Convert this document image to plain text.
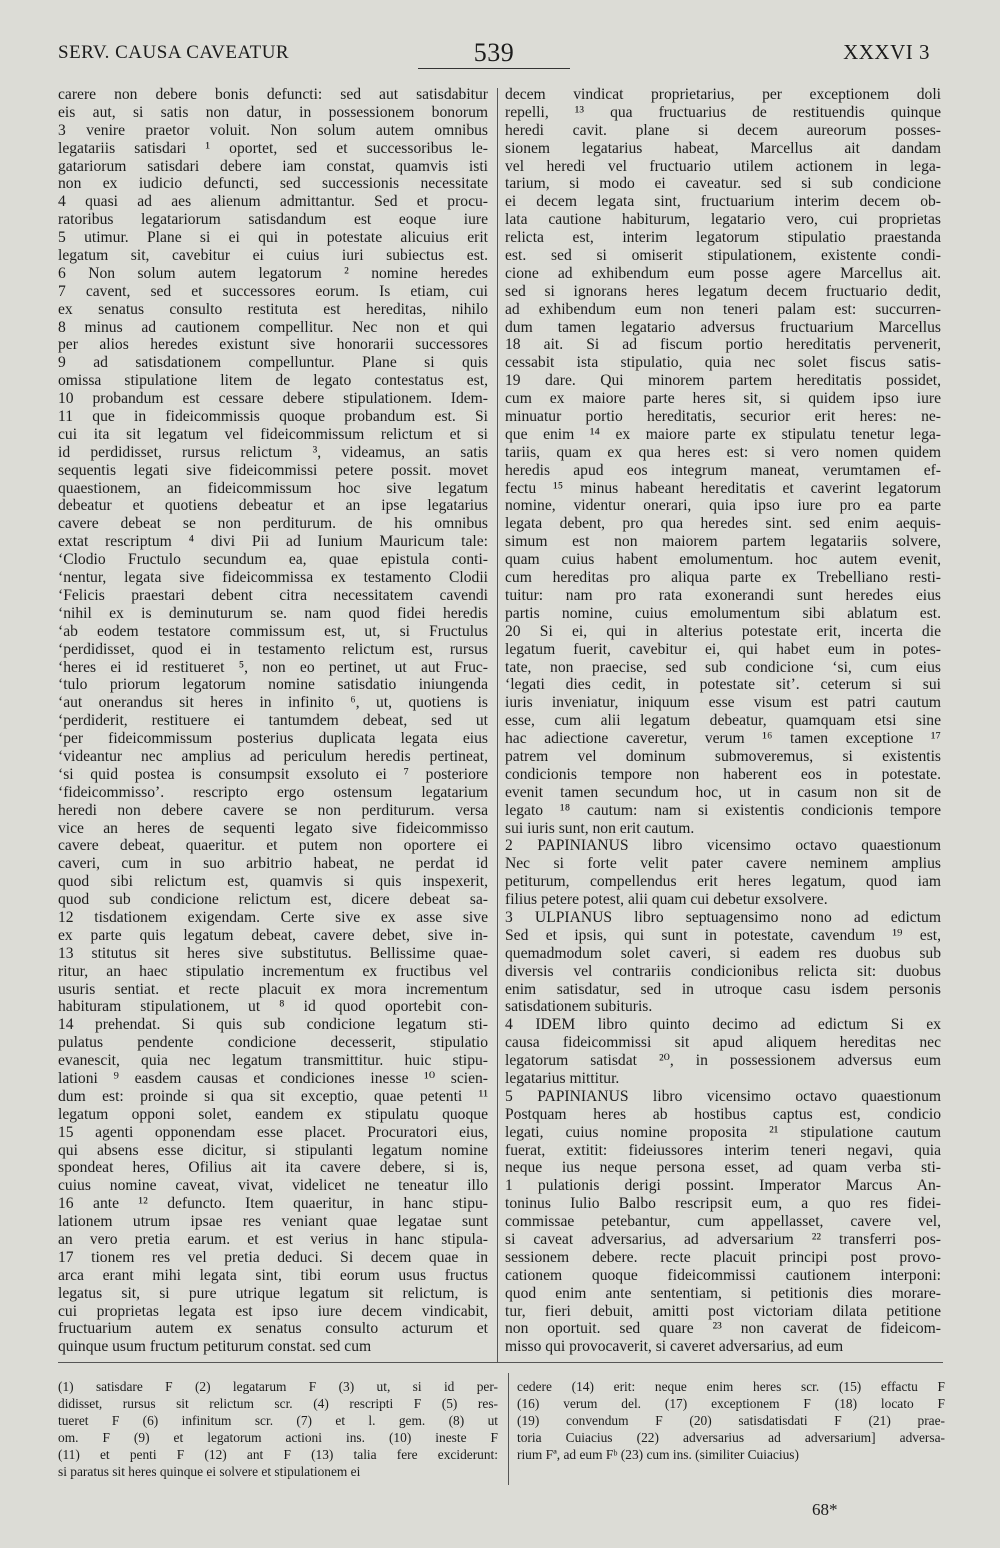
SERV. CAUSA CAVEATUR	539	XXXVI 3
carere non debere bonis defuncti: sed aut satisdabitur
eis aut, si satis non datur, in possessionem bonorum
3 venire praetor voluit. Non solum autem omnibus
legatariis satisdari ¹ oportet, sed et successoribus le-
gatariorum satisdari debere iam constat, quamvis isti
non ex iudicio defuncti, sed successionis necessitate
4 quasi ad aes alienum admittantur. Sed et procu-
ratoribus legatariorum satisdandum est eoque iure
5 utimur. Plane si ei qui in potestate alicuius erit
legatum sit, cavebitur ei cuius iuri subiectus est.
6 Non solum autem legatorum ² nomine heredes
7 cavent, sed et successores eorum. Is etiam, cui
ex senatus consulto restituta est hereditas, nihilo
8 minus ad cautionem compellitur. Nec non et qui
per alios heredes existunt sive honorarii successores
9 ad satisdationem compelluntur. Plane si quis
omissa stipulatione litem de legato contestatus est,
10 probandum est cessare debere stipulationem. Idem-
11 que in fideicommissis quoque probandum est. Si
cui ita sit legatum vel fideicommissum relictum et si
id perdidisset, rursus relictum ³, videamus, an satis
sequentis legati sive fideicommissi petere possit. movet
quaestionem, an fideicommissum hoc sive legatum
debeatur et quotiens debeatur et an ipse legatarius
cavere debeat se non perditurum. de his omnibus
extat rescriptum ⁴ divi Pii ad Iunium Mauricum tale:
‘Clodio Fructulo secundum ea, quae epistula conti-
‘nentur, legata sive fideicommissa ex testamento Clodii
‘Felicis praestari debent citra necessitatem cavendi
‘nihil ex is deminuturum se. nam quod fidei heredis
‘ab eodem testatore commissum est, ut, si Fructulus
‘perdidisset, quod ei in testamento relictum est, rursus
‘heres ei id restitueret ⁵, non eo pertinet, ut aut Fruc-
‘tulo priorum legatorum nomine satisdatio iniungenda
‘aut onerandus sit heres in infinito ⁶, ut, quotiens is
‘perdiderit, restituere ei tantumdem debeat, sed ut
‘per fideicommissum posterius duplicata legata eius
‘videantur nec amplius ad periculum heredis pertineat,
‘si quid postea is consumpsit exsoluto ei ⁷ posteriore
‘fideicommisso’. rescripto ergo ostensum legatarium
heredi non debere cavere se non perditurum. versa
vice an heres de sequenti legato sive fideicommisso
cavere debeat, quaeritur. et putem non oportere ei
caveri, cum in suo arbitrio habeat, ne perdat id
quod sibi relictum est, quamvis si quis inspexerit,
quod sub condicione relictum est, dicere debeat sa-
12 tisdationem exigendam. Certe sive ex asse sive
ex parte quis legatum debeat, cavere debet, sive in-
13 stitutus sit heres sive substitutus. Bellissime quae-
ritur, an haec stipulatio incrementum ex fructibus vel
usuris sentiat. et recte placuit ex mora incrementum
habituram stipulationem, ut ⁸ id quod oportebit con-
14 prehendat. Si quis sub condicione legatum sti-
pulatus pendente condicione decesserit, stipulatio
evanescit, quia nec legatum transmittitur. huic stipu-
lationi ⁹ easdem causas et condiciones inesse ¹⁰ scien-
dum est: proinde si qua sit exceptio, quae petenti ¹¹
legatum opponi solet, eandem ex stipulatu quoque
15 agenti opponendam esse placet. Procuratori eius,
qui absens esse dicitur, si stipulanti legatum nomine
spondeat heres, Ofilius ait ita cavere debere, si is,
cuius nomine caveat, vivat, videlicet ne teneatur illo
16 ante ¹² defuncto. Item quaeritur, in hanc stipu-
lationem utrum ipsae res veniant quae legatae sunt
an vero pretia earum. et est verius in hanc stipula-
17 tionem res vel pretia deduci. Si decem quae in
arca erant mihi legata sint, tibi eorum usus fructus
legatus sit, si pure utrique legatum sit relictum, is
cui proprietas legata est ipso iure decem vindicabit,
fructuarium autem ex senatus consulto acturum et
quinque usum fructum petiturum constat. sed cum
decem vindicat proprietarius, per exceptionem doli
repelli, ¹³ qua fructuarius de restituendis quinque
heredi cavit. plane si decem aureorum posses-
sionem legatarius habeat, Marcellus ait dandam
vel heredi vel fructuario utilem actionem in lega-
tarium, si modo ei caveatur. sed si sub condicione
ei decem legata sint, fructuarium interim decem ob-
lata cautione habiturum, legatario vero, cui proprietas
relicta est, interim legatorum stipulatio praestanda
est. sed si omiserit stipulationem, existente condi-
cione ad exhibendum eum posse agere Marcellus ait.
sed si ignorans heres legatum decem fructuario dedit,
ad exhibendum eum non teneri palam est: succurren-
dum tamen legatario adversus fructuarium Marcellus
18 ait. Si ad fiscum portio hereditatis pervenerit,
cessabit ista stipulatio, quia nec solet fiscus satis-
19 dare. Qui minorem partem hereditatis possidet,
cum ex maiore parte heres sit, si quidem ipso iure
minuatur portio hereditatis, securior erit heres: ne-
que enim ¹⁴ ex maiore parte ex stipulatu tenetur lega-
tariis, quam ex qua heres est: si vero nomen quidem
heredis apud eos integrum maneat, verumtamen ef-
fectu ¹⁵ minus habeant hereditatis et caverint legatorum
nomine, videntur onerari, quia ipso iure pro ea parte
legata debent, pro qua heredes sint. sed enim aequis-
simum est non maiorem partem legatariis solvere,
quam cuius habent emolumentum. hoc autem evenit,
cum hereditas pro aliqua parte ex Trebelliano resti-
tuitur: nam pro rata exonerandi sunt heredes eius
partis nomine, cuius emolumentum sibi ablatum est.
20 Si ei, qui in alterius potestate erit, incerta die
legatum fuerit, cavebitur ei, qui habet eum in potes-
tate, non praecise, sed sub condicione ‘si, cum eius
‘legati dies cedit, in potestate sit’. ceterum si sui
iuris inveniatur, iniquum esse visum est patri cautum
esse, cum alii legatum debeatur, quamquam etsi sine
hac adiectione caveretur, verum ¹⁶ tamen exceptione ¹⁷
patrem vel dominum submoveremus, si existentis
condicionis tempore non haberent eos in potestate.
evenit tamen secundum hoc, ut in casum non sit de
legato ¹⁸ cautum: nam si existentis condicionis tempore
sui iuris sunt, non erit cautum.
2 PAPINIANUS libro vicensimo octavo quaestionum
Nec si forte velit pater cavere neminem amplius
petiturum, compellendus erit heres legatum, quod iam
filius petere potest, alii quam cui debetur exsolvere.
3 ULPIANUS libro septuagensimo nono ad edictum
Sed et ipsis, qui sunt in potestate, cavendum ¹⁹ est,
quemadmodum solet caveri, si eadem res duobus sub
diversis vel contrariis condicionibus relicta sit: duobus
enim satisdatur, sed in utroque casu isdem personis
satisdationem subituris.
4 IDEM libro quinto decimo ad edictum Si ex
causa fideicommissi sit apud aliquem hereditas nec
legatorum satisdat ²⁰, in possessionem adversus eum
legatarius mittitur.
5 PAPINIANUS libro vicensimo octavo quaestionum
Postquam heres ab hostibus captus est, condicio
legati, cuius nomine proposita ²¹ stipulatione cautum
fuerat, extitit: fideiussores interim teneri negavi, quia
neque ius neque persona esset, ad quam verba sti-
1 pulationis derigi possint. Imperator Marcus An-
toninus Iulio Balbo rescripsit eum, a quo res fidei-
commissae petebantur, cum appellasset, cavere vel,
si caveat adversarius, ad adversarium ²² transferri pos-
sessionem debere. recte placuit principi post provo-
cationem quoque fideicommissi cautionem interponi:
quod enim ante sententiam, si petitionis dies morare-
tur, fieri debuit, amitti post victoriam dilata petitione
non oportuit. sed quare ²³ non caverat de fideicom-
misso qui provocaverit, si caveret adversarius, ad eum
(1) satisdare F (2) legatarum F (3) ut, si id per-
didisset, rursus sit relictum scr. (4) rescripti F (5) res-
tueret F (6) infinitum scr. (7) et l. gem. (8) ut
om. F (9) et legatorum actioni ins. (10) ineste F
(11) et penti F (12) ant F (13) talia fere exciderunt:
si paratus sit heres quinque ei solvere et stipulationem ei
cedere (14) erit: neque enim heres scr. (15) effactu F
(16) verum del. (17) exceptionem F (18) locato F
(19) convendum F (20) satisdatisdati F (21) prae-
toria Cuiacius (22) adversarius ad adversarium] adversa-
rium Fª, ad eum Fᵇ (23) cum ins. (similiter Cuiacius)
68*
